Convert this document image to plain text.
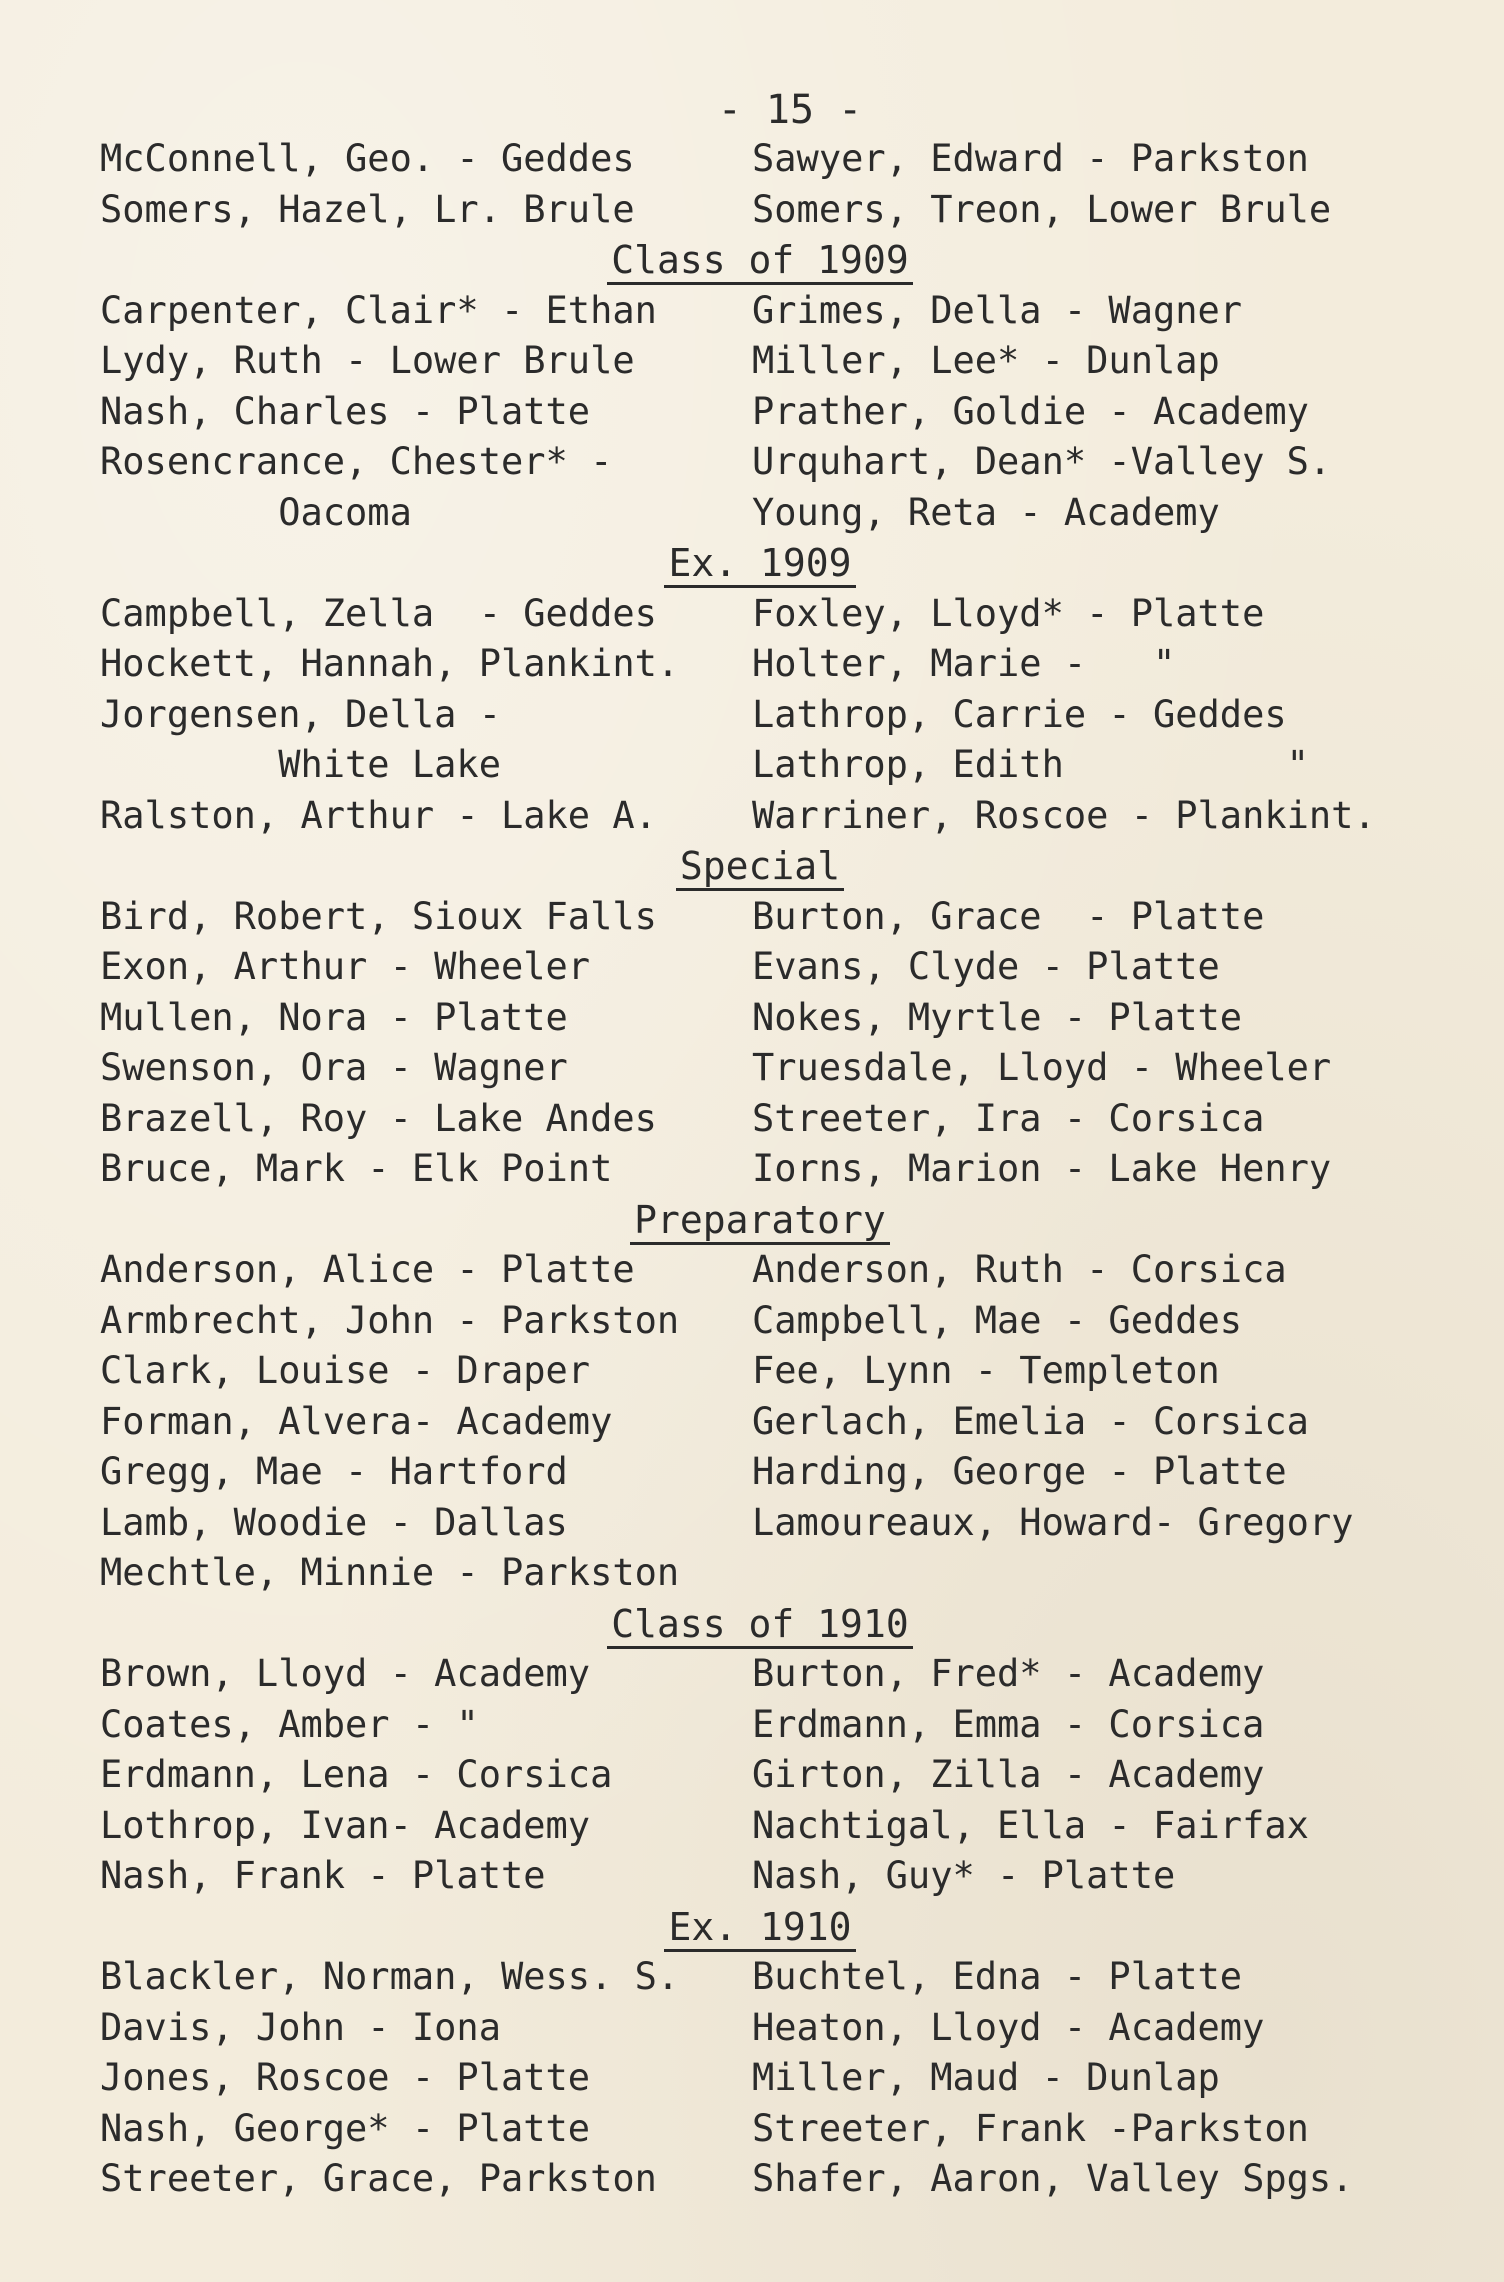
- 15 -
McConnell, Geo. - Geddes	Sawyer, Edward - Parkston
Somers, Hazel, Lr. Brule	Somers, Treon, Lower Brule
Class of 1909
Carpenter, Clair* - Ethan	Grimes, Della - Wagner
Lydy, Ruth - Lower Brule	Miller, Lee* - Dunlap
Nash, Charles - Platte	Prather, Goldie - Academy
Rosencrance, Chester* -	Urquhart, Dean* -Valley S.
Oacoma	Young, Reta - Academy
Ex. 1909
Campbell, Zella  - Geddes	Foxley, Lloyd* - Platte
Hockett, Hannah, Plankint.	Holter, Marie -   "
Jorgensen, Della -	Lathrop, Carrie - Geddes
White Lake	Lathrop, Edith          "
Ralston, Arthur - Lake A.	Warriner, Roscoe - Plankint.
Special
Bird, Robert, Sioux Falls	Burton, Grace  - Platte
Exon, Arthur - Wheeler	Evans, Clyde - Platte
Mullen, Nora - Platte	Nokes, Myrtle - Platte
Swenson, Ora - Wagner	Truesdale, Lloyd - Wheeler
Brazell, Roy - Lake Andes	Streeter, Ira - Corsica
Bruce, Mark - Elk Point	Iorns, Marion - Lake Henry
Preparatory
Anderson, Alice - Platte	Anderson, Ruth - Corsica
Armbrecht, John - Parkston	Campbell, Mae - Geddes
Clark, Louise - Draper	Fee, Lynn - Templeton
Forman, Alvera- Academy	Gerlach, Emelia - Corsica
Gregg, Mae - Hartford	Harding, George - Platte
Lamb, Woodie - Dallas	Lamoureaux, Howard- Gregory
Mechtle, Minnie - Parkston
Class of 1910
Brown, Lloyd - Academy	Burton, Fred* - Academy
Coates, Amber - "	Erdmann, Emma - Corsica
Erdmann, Lena - Corsica	Girton, Zilla - Academy
Lothrop, Ivan- Academy	Nachtigal, Ella - Fairfax
Nash, Frank - Platte	Nash, Guy* - Platte
Ex. 1910
Blackler, Norman, Wess. S.	Buchtel, Edna - Platte
Davis, John - Iona	Heaton, Lloyd - Academy
Jones, Roscoe - Platte	Miller, Maud - Dunlap
Nash, George* - Platte	Streeter, Frank -Parkston
Streeter, Grace, Parkston	Shafer, Aaron, Valley Spgs.
